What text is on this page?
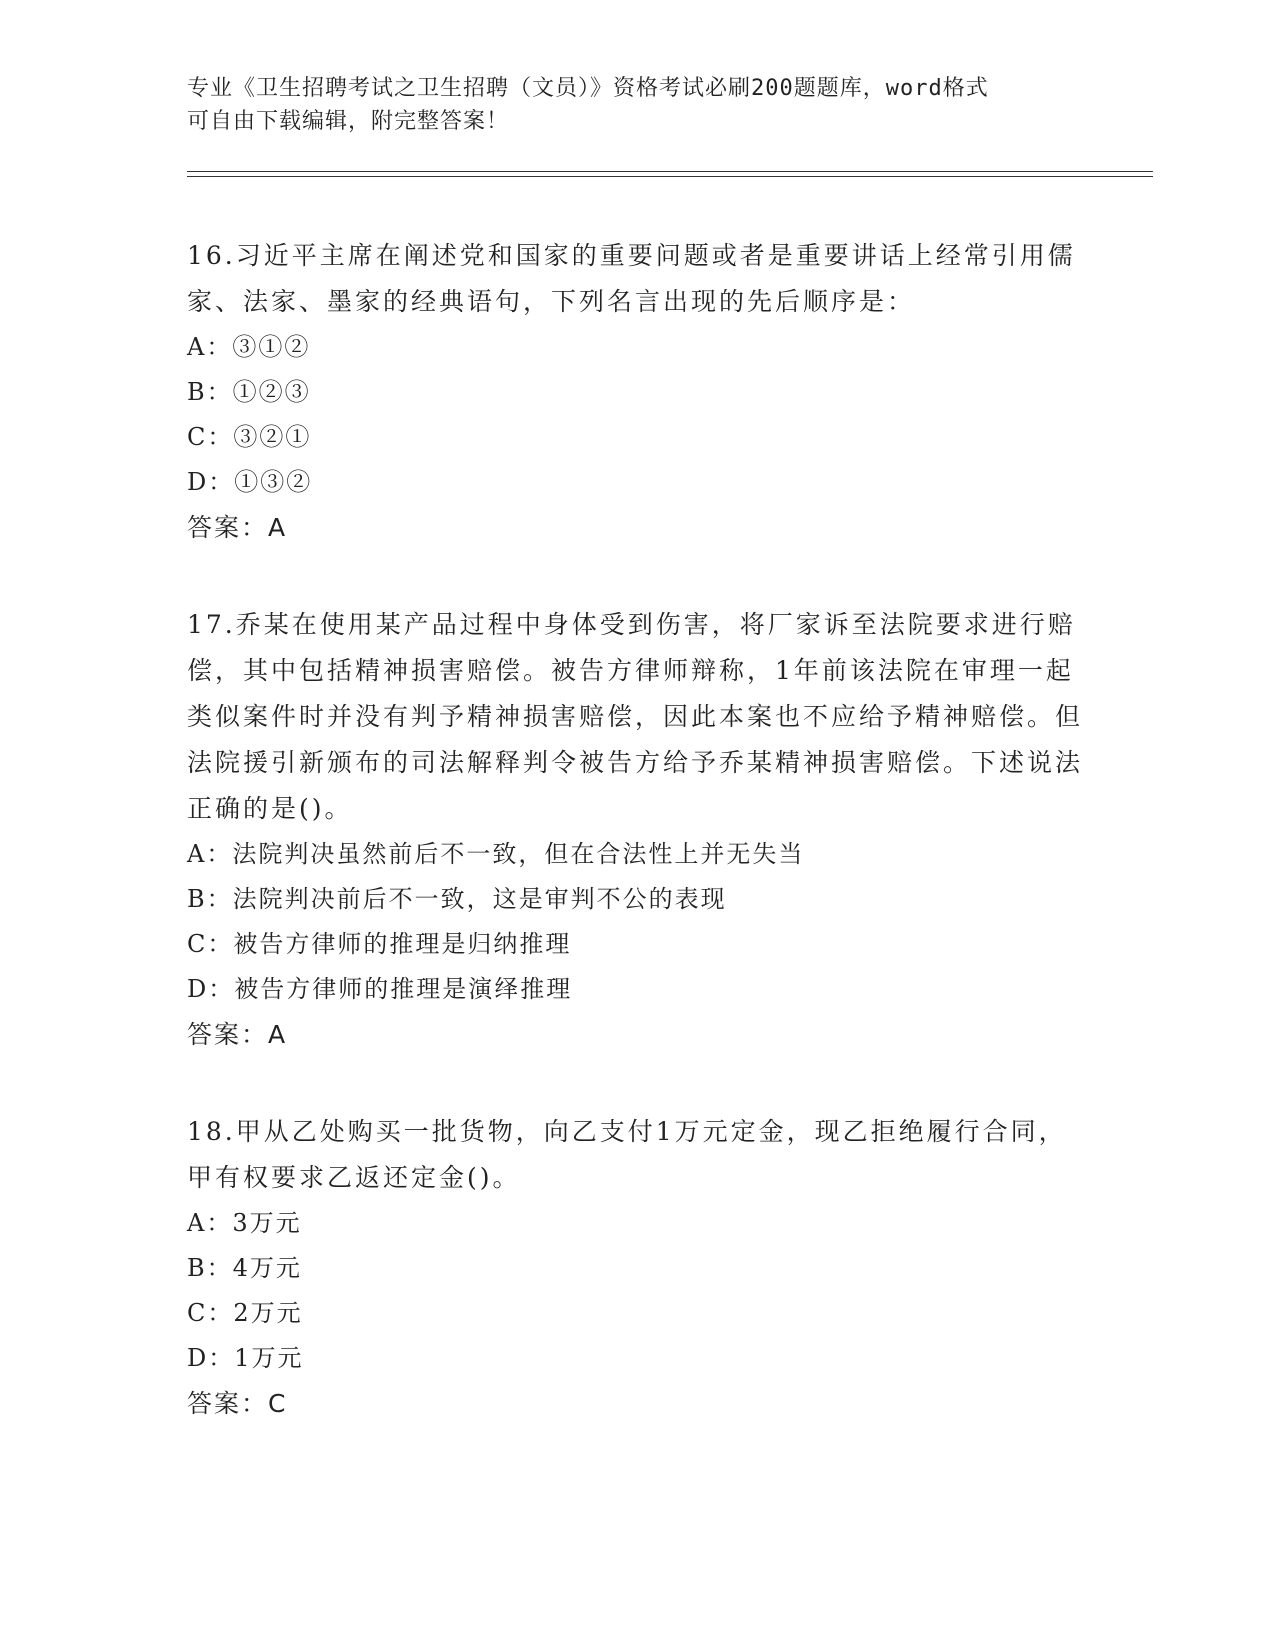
专业《卫生招聘考试之卫生招聘（文员）》资格考试必刷200题题库，word格式
可自由下载编辑，附完整答案！

16.习近平主席在阐述党和国家的重要问题或者是重要讲话上经常引用儒家、法家、墨家的经典语句，下列名言出现的先后顺序是：

A：③①②

B：①②③

C：③②①

D：①③②

答案：A

17.乔某在使用某产品过程中身体受到伤害，将厂家诉至法院要求进行赔偿，其中包括精神损害赔偿。被告方律师辩称，1年前该法院在审理一起类似案件时并没有判予精神损害赔偿，因此本案也不应给予精神赔偿。但法院援引新颁布的司法解释判令被告方给予乔某精神损害赔偿。下述说法正确的是()。

A：法院判决虽然前后不一致，但在合法性上并无失当

B：法院判决前后不一致，这是审判不公的表现

C：被告方律师的推理是归纳推理

D：被告方律师的推理是演绎推理

答案：A

18.甲从乙处购买一批货物，向乙支付1万元定金，现乙拒绝履行合同，甲有权要求乙返还定金()。

A：3万元

B：4万元

C：2万元

D：1万元

答案：C
